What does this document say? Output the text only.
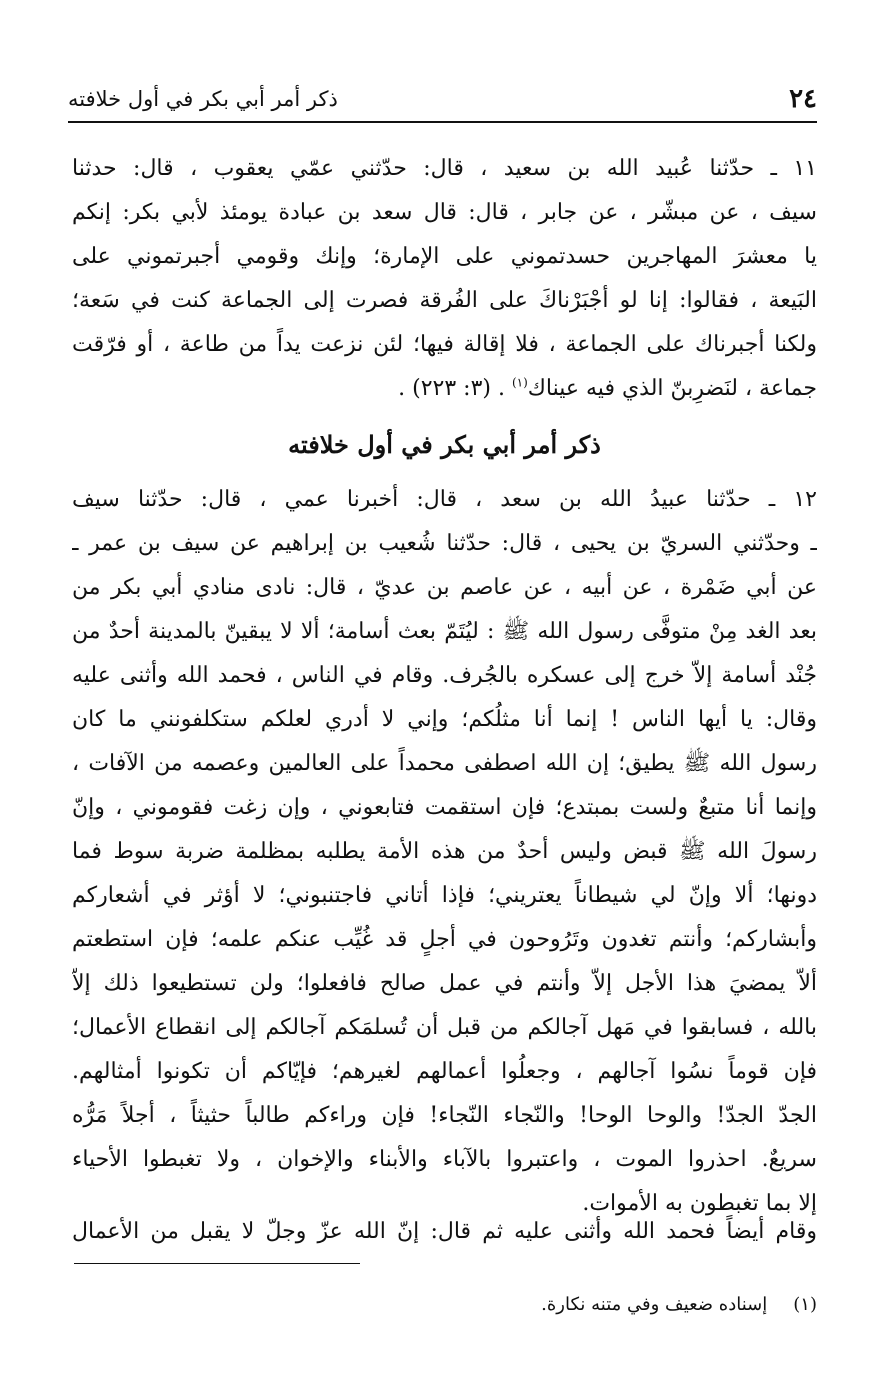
٢٤
ذكر أمر أبي بكر في أول خلافته

١١ ـ حدّثنا عُبيد الله بن سعيد ، قال: حدّثني عمّي يعقوب ، قال: حدثنا
سيف ، عن مبشّر ، عن جابر ، قال: قال سعد بن عبادة يومئذ لأبي بكر: إنكم
يا معشرَ المهاجرين حسدتموني على الإمارة؛ وإنك وقومي أجبرتموني على
البَيعة ، فقالوا: إنا لو أجْبَرْناكَ على الفُرقة فصرت إلى الجماعة كنت في سَعة؛
ولكنا أجبرناك على الجماعة ، فلا إقالة فيها؛ لئن نزعت يداً من طاعة ، أو فرّقت
جماعة ، لنَضرِبنّ الذي فيه عيناك$^{(١)}$ . (٣: ٢٢٣) .

ذكر أمر أبي بكر في أول خلافته

١٢ ـ حدّثنا عبيدُ الله بن سعد ، قال: أخبرنا عمي ، قال: حدّثنا سيف
ـ وحدّثني السريّ بن يحيى ، قال: حدّثنا شُعيب بن إبراهيم عن سيف بن عمر ـ
عن أبي ضَمْرة ، عن أبيه ، عن عاصم بن عديّ ، قال: نادى منادي أبي بكر من
بعد الغد مِنْ متوفَّى رسول الله ﷺ : ليُتَمّ بعث أسامة؛ ألا لا يبقينّ بالمدينة أحدٌ من
جُنْد أسامة إلاّ خرج إلى عسكره بالجُرف. وقام في الناس ، فحمد الله وأثنى عليه
وقال: يا أيها الناس ! إنما أنا مثلُكم؛ وإني لا أدري لعلكم ستكلفونني ما كان
رسول الله ﷺ يطيق؛ إن الله اصطفى محمداً على العالمين وعصمه من الآفات ،
وإنما أنا متبعٌ ولست بمبتدع؛ فإن استقمت فتابعوني ، وإن زغت فقوموني ، وإنّ
رسولَ الله ﷺ قبض وليس أحدٌ من هذه الأمة يطلبه بمظلمة ضربة سوط فما
دونها؛ ألا وإنّ لي شيطاناً يعتريني؛ فإذا أتاني فاجتنبوني؛ لا أؤثر في أشعاركم
وأبشاركم؛ وأنتم تغدون وتَرُوحون في أجلٍ قد غُيِّب عنكم علمه؛ فإن استطعتم
ألاّ يمضيَ هذا الأجل إلاّ وأنتم في عمل صالح فافعلوا؛ ولن تستطيعوا ذلك إلاّ
بالله ، فسابقوا في مَهل آجالكم من قبل أن تُسلمَكم آجالكم إلى انقطاع الأعمال؛
فإن قوماً نسُوا آجالهم ، وجعلُوا أعمالهم لغيرهم؛ فإيّاكم أن تكونوا أمثالهم.
الجدّ الجدّ! والوحا الوحا! والنّجاء النّجاء! فإن وراءكم طالباً حثيثاً ، أجلاً مَرُّه
سريعٌ. احذروا الموت ، واعتبروا بالآباء والأبناء والإخوان ، ولا تغبطوا الأحياء
إلا بما تغبطون به الأموات.

وقام أيضاً فحمد الله وأثنى عليه ثم قال: إنّ الله عزّ وجلّ لا يقبل من الأعمال

(١)إسناده ضعيف وفي متنه نكارة.
